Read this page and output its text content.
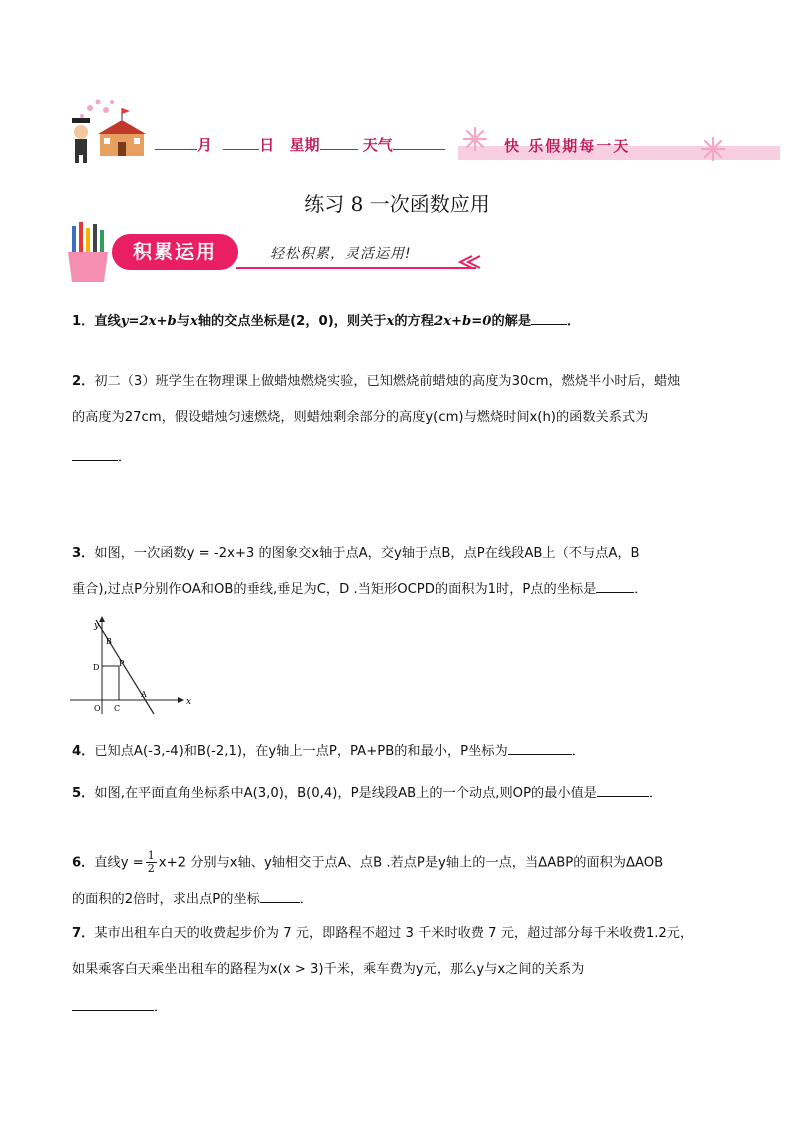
月	日 星期	天气	快 乐假期每一天
练习 8 一次函数应用
积累运用	轻松积累，灵活运用!
1．直线y=2x+b与x轴的交点坐标是(2，0)，则关于x的方程2x+b=0的解是	．
2．初二（3）班学生在物理课上做蜡烛燃烧实验，已知燃烧前蜡烛的高度为30cm，燃烧半小时后，蜡烛
的高度为27cm，假设蜡烛匀速燃烧，则蜡烛剩余部分的高度y(cm)与燃烧时间x(h)的函数关系式为
．
3．如图，一次函数y = -2x+3 的图象交x轴于点A，交y轴于点B，点P在线段AB上（不与点A，B
重合),过点P分别作OA和OB的垂线,垂足为C，D .当矩形OCPD的面积为1时，P点的坐标是	．
y
x
B
D P
A
O C
4．已知点A(-3,-4)和B(-2,1)，在y轴上一点P，PA+PB的和最小，P坐标为	．
5．如图,在平面直角坐标系中A(3,0)，B(0,4)，P是线段AB上的一个动点,则OP的最小值是	．
6．直线$y = \frac{1}{2} x+2$ 分别与x轴、y轴相交于点A、点B .若点P是y轴上的一点，当ΔABP的面积为ΔAOB
的面积的2倍时，求出点P的坐标	．
7．某市出租车白天的收费起步价为 7 元，即路程不超过 3 千米时收费 7 元，超过部分每千米收费1.2元，
如果乘客白天乘坐出租车的路程为x(x > 3)千米，乘车费为y元，那么y与x之间的关系为
．
